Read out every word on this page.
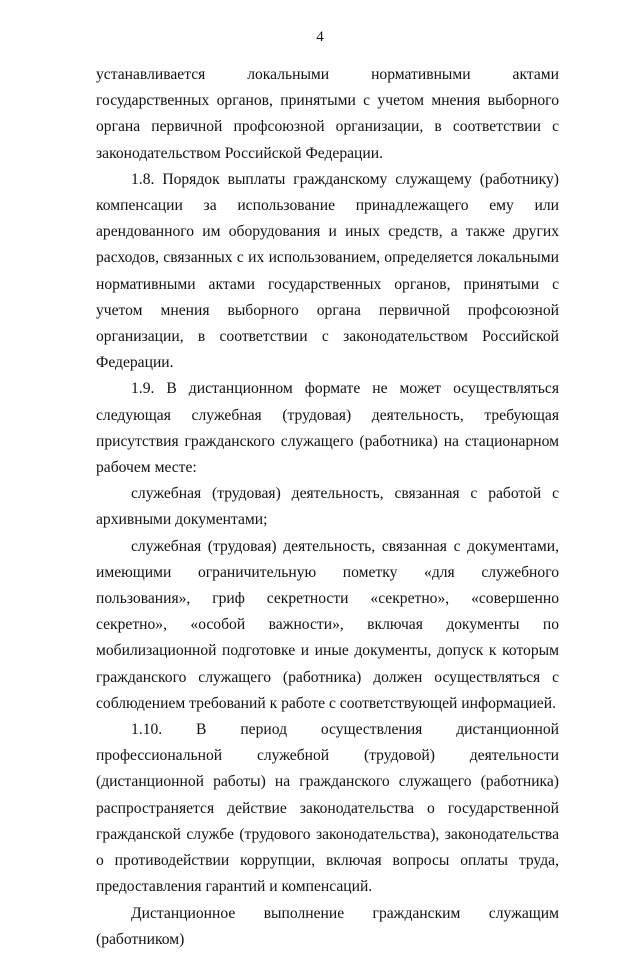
4

устанавливается локальными нормативными актами государственных органов, принятыми с учетом мнения выборного органа первичной профсоюзной организации, в соответствии с законодательством Российской Федерации.

1.8. Порядок выплаты гражданскому служащему (работнику) компенсации за использование принадлежащего ему или арендованного им оборудования и иных средств, а также других расходов, связанных с их использованием, определяется локальными нормативными актами государственных органов, принятыми с учетом мнения выборного органа первичной профсоюзной организации, в соответствии с законодательством Российской Федерации.

1.9. В дистанционном формате не может осуществляться следующая служебная (трудовая) деятельность, требующая присутствия гражданского служащего (работника) на стационарном рабочем месте:

служебная (трудовая) деятельность, связанная с работой с архивными документами;

служебная (трудовая) деятельность, связанная с документами, имеющими ограничительную пометку «для служебного пользования», гриф секретности «секретно», «совершенно секретно», «особой важности», включая документы по мобилизационной подготовке и иные документы, допуск к которым гражданского служащего (работника) должен осуществляться с соблюдением требований к работе с соответствующей информацией.

1.10. В период осуществления дистанционной профессиональной служебной (трудовой) деятельности (дистанционной работы) на гражданского служащего (работника) распространяется действие законодательства о государственной гражданской службе (трудового законодательства), законодательства о противодействии коррупции, включая вопросы оплаты труда, предоставления гарантий и компенсаций.

Дистанционное выполнение гражданским служащим (работником)
